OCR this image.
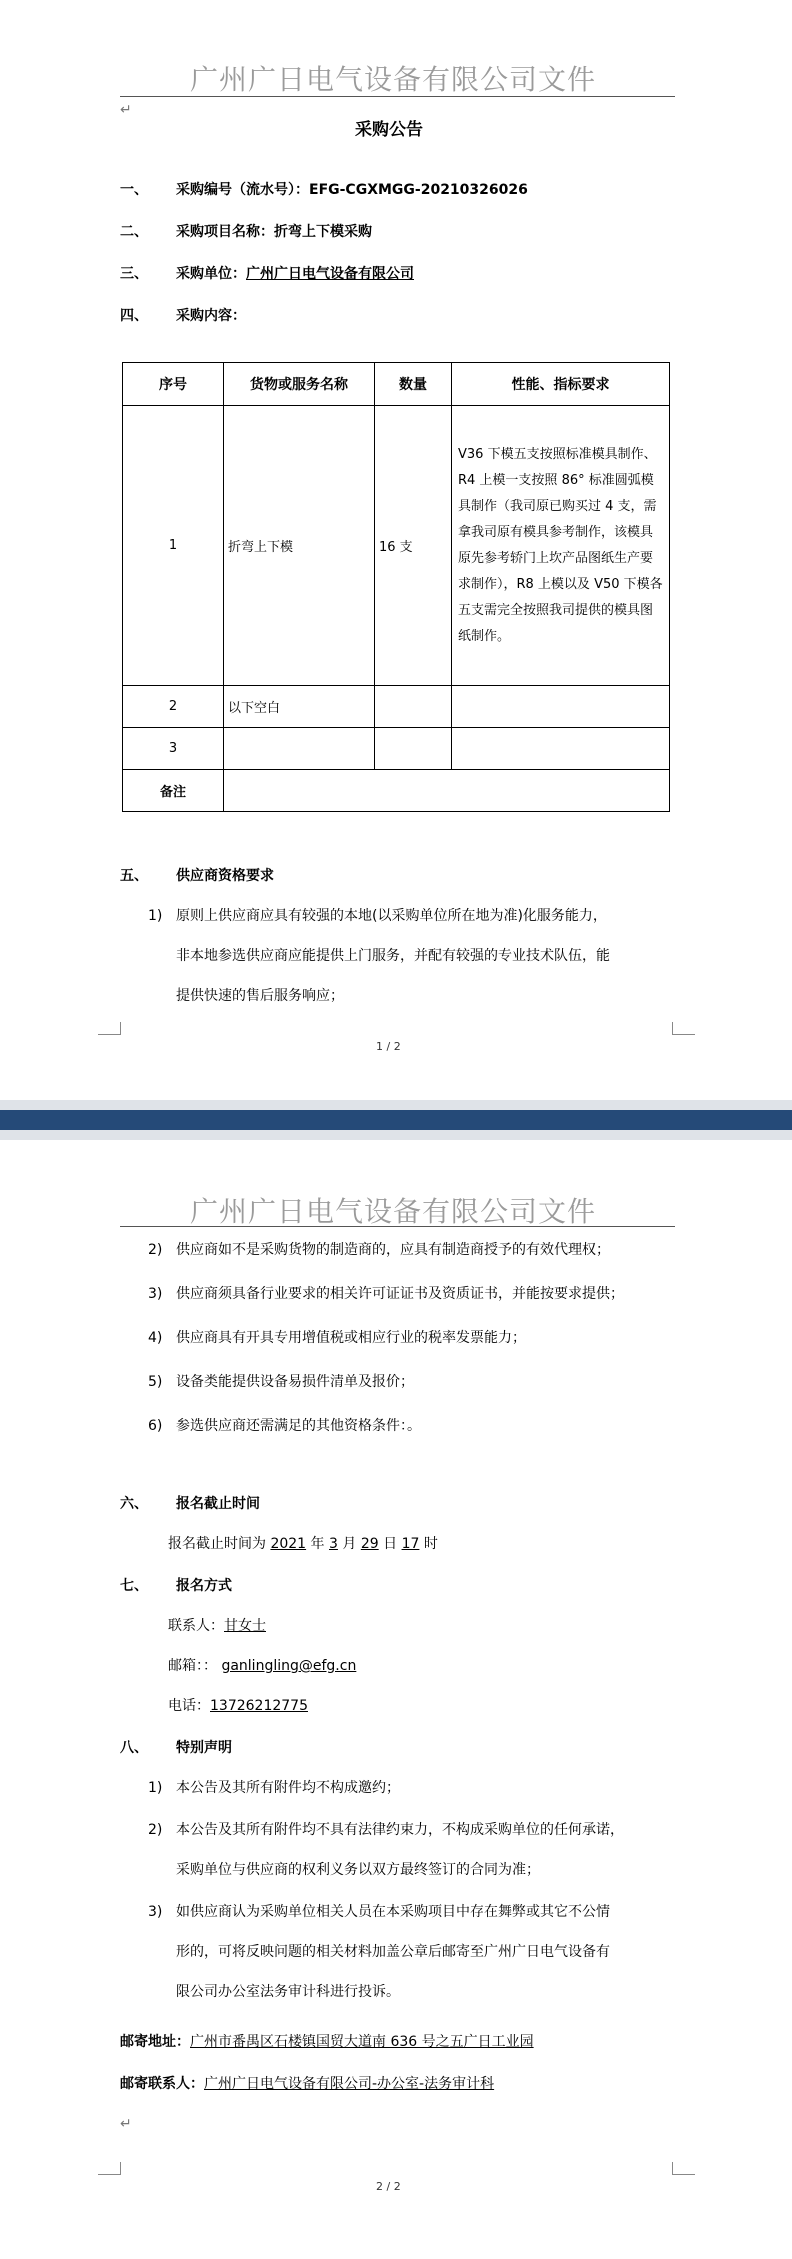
广州广日电气设备有限公司文件
↵
采购公告
一、 采购编号（流水号）：EFG-CGXMGG-20210326026
二、 采购项目名称：折弯上下模采购
三、 采购单位：广州广日电气设备有限公司
四、 采购内容：
序号	货物或服务名称	数量	性能、指标要求
1	折弯上下模	16 支	V36 下模五支按照标准模具制作、R4 上模一支按照 86° 标准圆弧模具制作（我司原已购买过 4 支，需拿我司原有模具参考制作，该模具原先参考轿门上坎产品图纸生产要求制作），R8 上模以及 V50 下模各五支需完全按照我司提供的模具图纸制作。
2	以下空白		
3			
备注			
五、 供应商资格要求
1) 原则上供应商应具有较强的本地(以采购单位所在地为准)化服务能力，
非本地参选供应商应能提供上门服务，并配有较强的专业技术队伍，能
提供快速的售后服务响应；
1 / 2
广州广日电气设备有限公司文件
2) 供应商如不是采购货物的制造商的，应具有制造商授予的有效代理权；
3) 供应商须具备行业要求的相关许可证证书及资质证书，并能按要求提供；
4) 供应商具有开具专用增值税或相应行业的税率发票能力；
5) 设备类能提供设备易损件清单及报价；
6) 参选供应商还需满足的其他资格条件：。
六、 报名截止时间
报名截止时间为 2021 年 3 月 29 日 17 时
七、 报名方式
联系人：甘女士
邮箱：： ganlingling@efg.cn
电话：13726212775
八、 特别声明
1) 本公告及其所有附件均不构成邀约；
2) 本公告及其所有附件均不具有法律约束力，不构成采购单位的任何承诺，
采购单位与供应商的权利义务以双方最终签订的合同为准；
3) 如供应商认为采购单位相关人员在本采购项目中存在舞弊或其它不公情
形的，可将反映问题的相关材料加盖公章后邮寄至广州广日电气设备有
限公司办公室法务审计科进行投诉。
邮寄地址：广州市番禺区石楼镇国贸大道南 636 号之五广日工业园
邮寄联系人：广州广日电气设备有限公司-办公室-法务审计科
↵
2 / 2
